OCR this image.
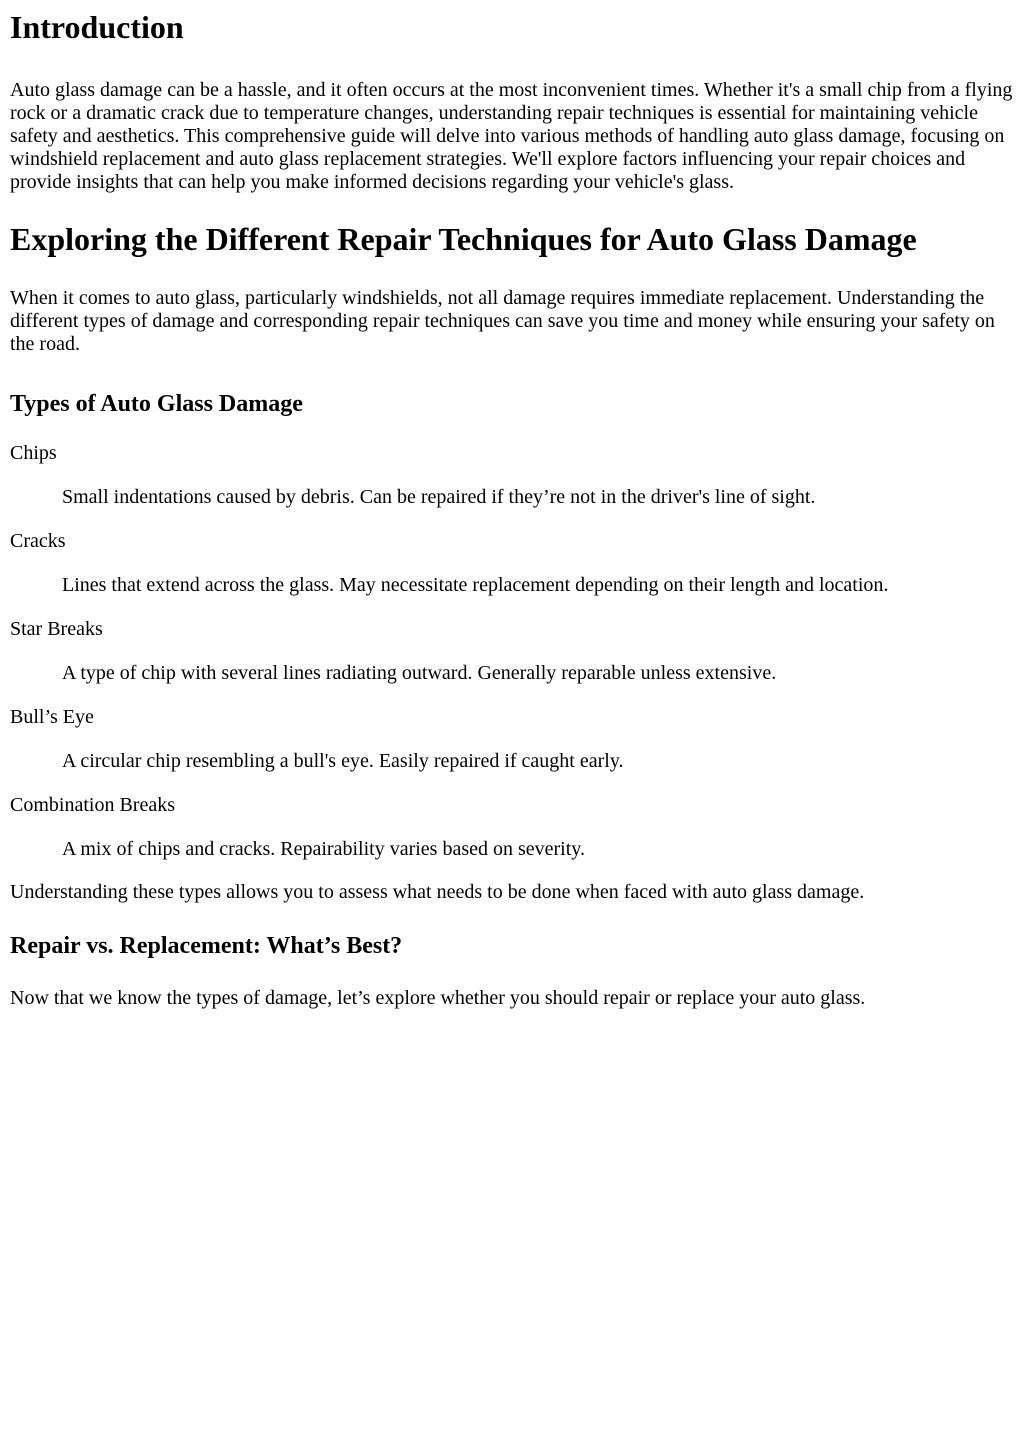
Introduction

Auto glass damage can be a hassle, and it often occurs at the most inconvenient times. Whether it's a small chip from a flying rock or a dramatic crack due to temperature changes, understanding repair techniques is essential for maintaining vehicle safety and aesthetics. This comprehensive guide will delve into various methods of handling auto glass damage, focusing on windshield replacement and auto glass replacement strategies. We'll explore factors influencing your repair choices and provide insights that can help you make informed decisions regarding your vehicle's glass.

Exploring the Different Repair Techniques for Auto Glass Damage

When it comes to auto glass, particularly windshields, not all damage requires immediate replacement. Understanding the different types of damage and corresponding repair techniques can save you time and money while ensuring your safety on the road.

Types of Auto Glass Damage
Chips
Small indentations caused by debris. Can be repaired if they’re not in the driver's line of sight.
Cracks
Lines that extend across the glass. May necessitate replacement depending on their length and location.
Star Breaks
A type of chip with several lines radiating outward. Generally reparable unless extensive.
Bull’s Eye
A circular chip resembling a bull's eye. Easily repaired if caught early.
Combination Breaks
A mix of chips and cracks. Repairability varies based on severity.

Understanding these types allows you to assess what needs to be done when faced with auto glass damage.

Repair vs. Replacement: What’s Best?

Now that we know the types of damage, let’s explore whether you should repair or replace your auto glass.
